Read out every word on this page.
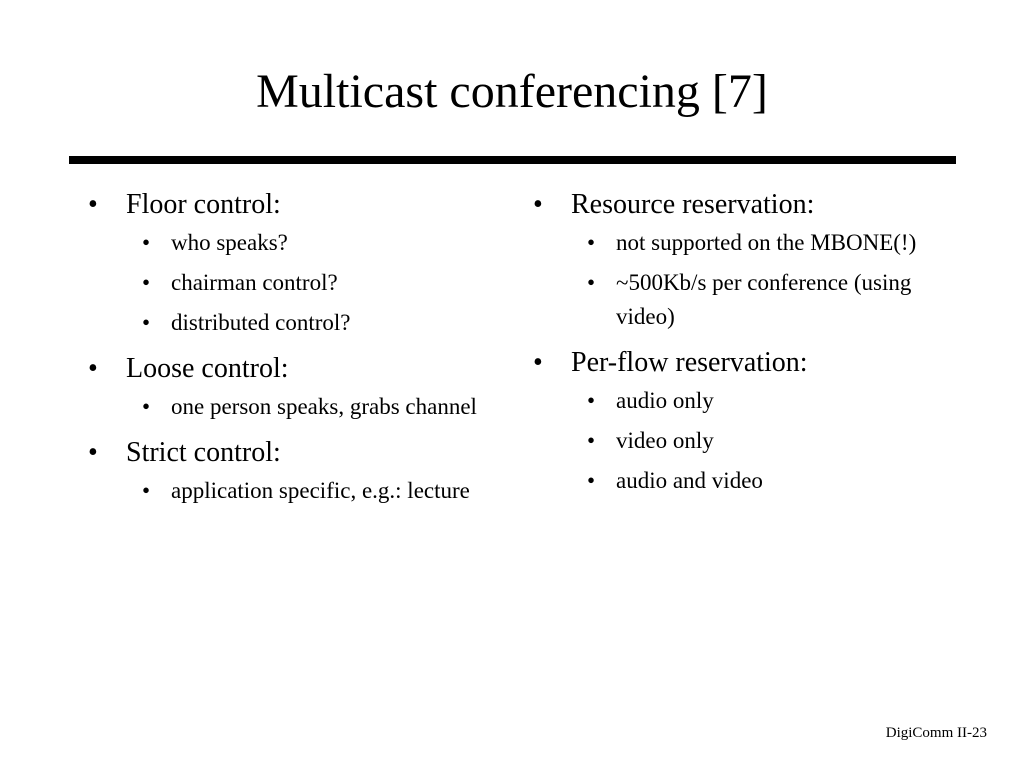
Multicast conferencing [7]
• Floor control:
• who speaks?
• chairman control?
• distributed control?
• Loose control:
• one person speaks, grabs channel
• Strict control:
• application specific, e.g.: lecture
• Resource reservation:
• not supported on the MBONE(!)
• ~500Kb/s per conference (using video)
• Per-flow reservation:
• audio only
• video only
• audio and video
DigiComm II-23
